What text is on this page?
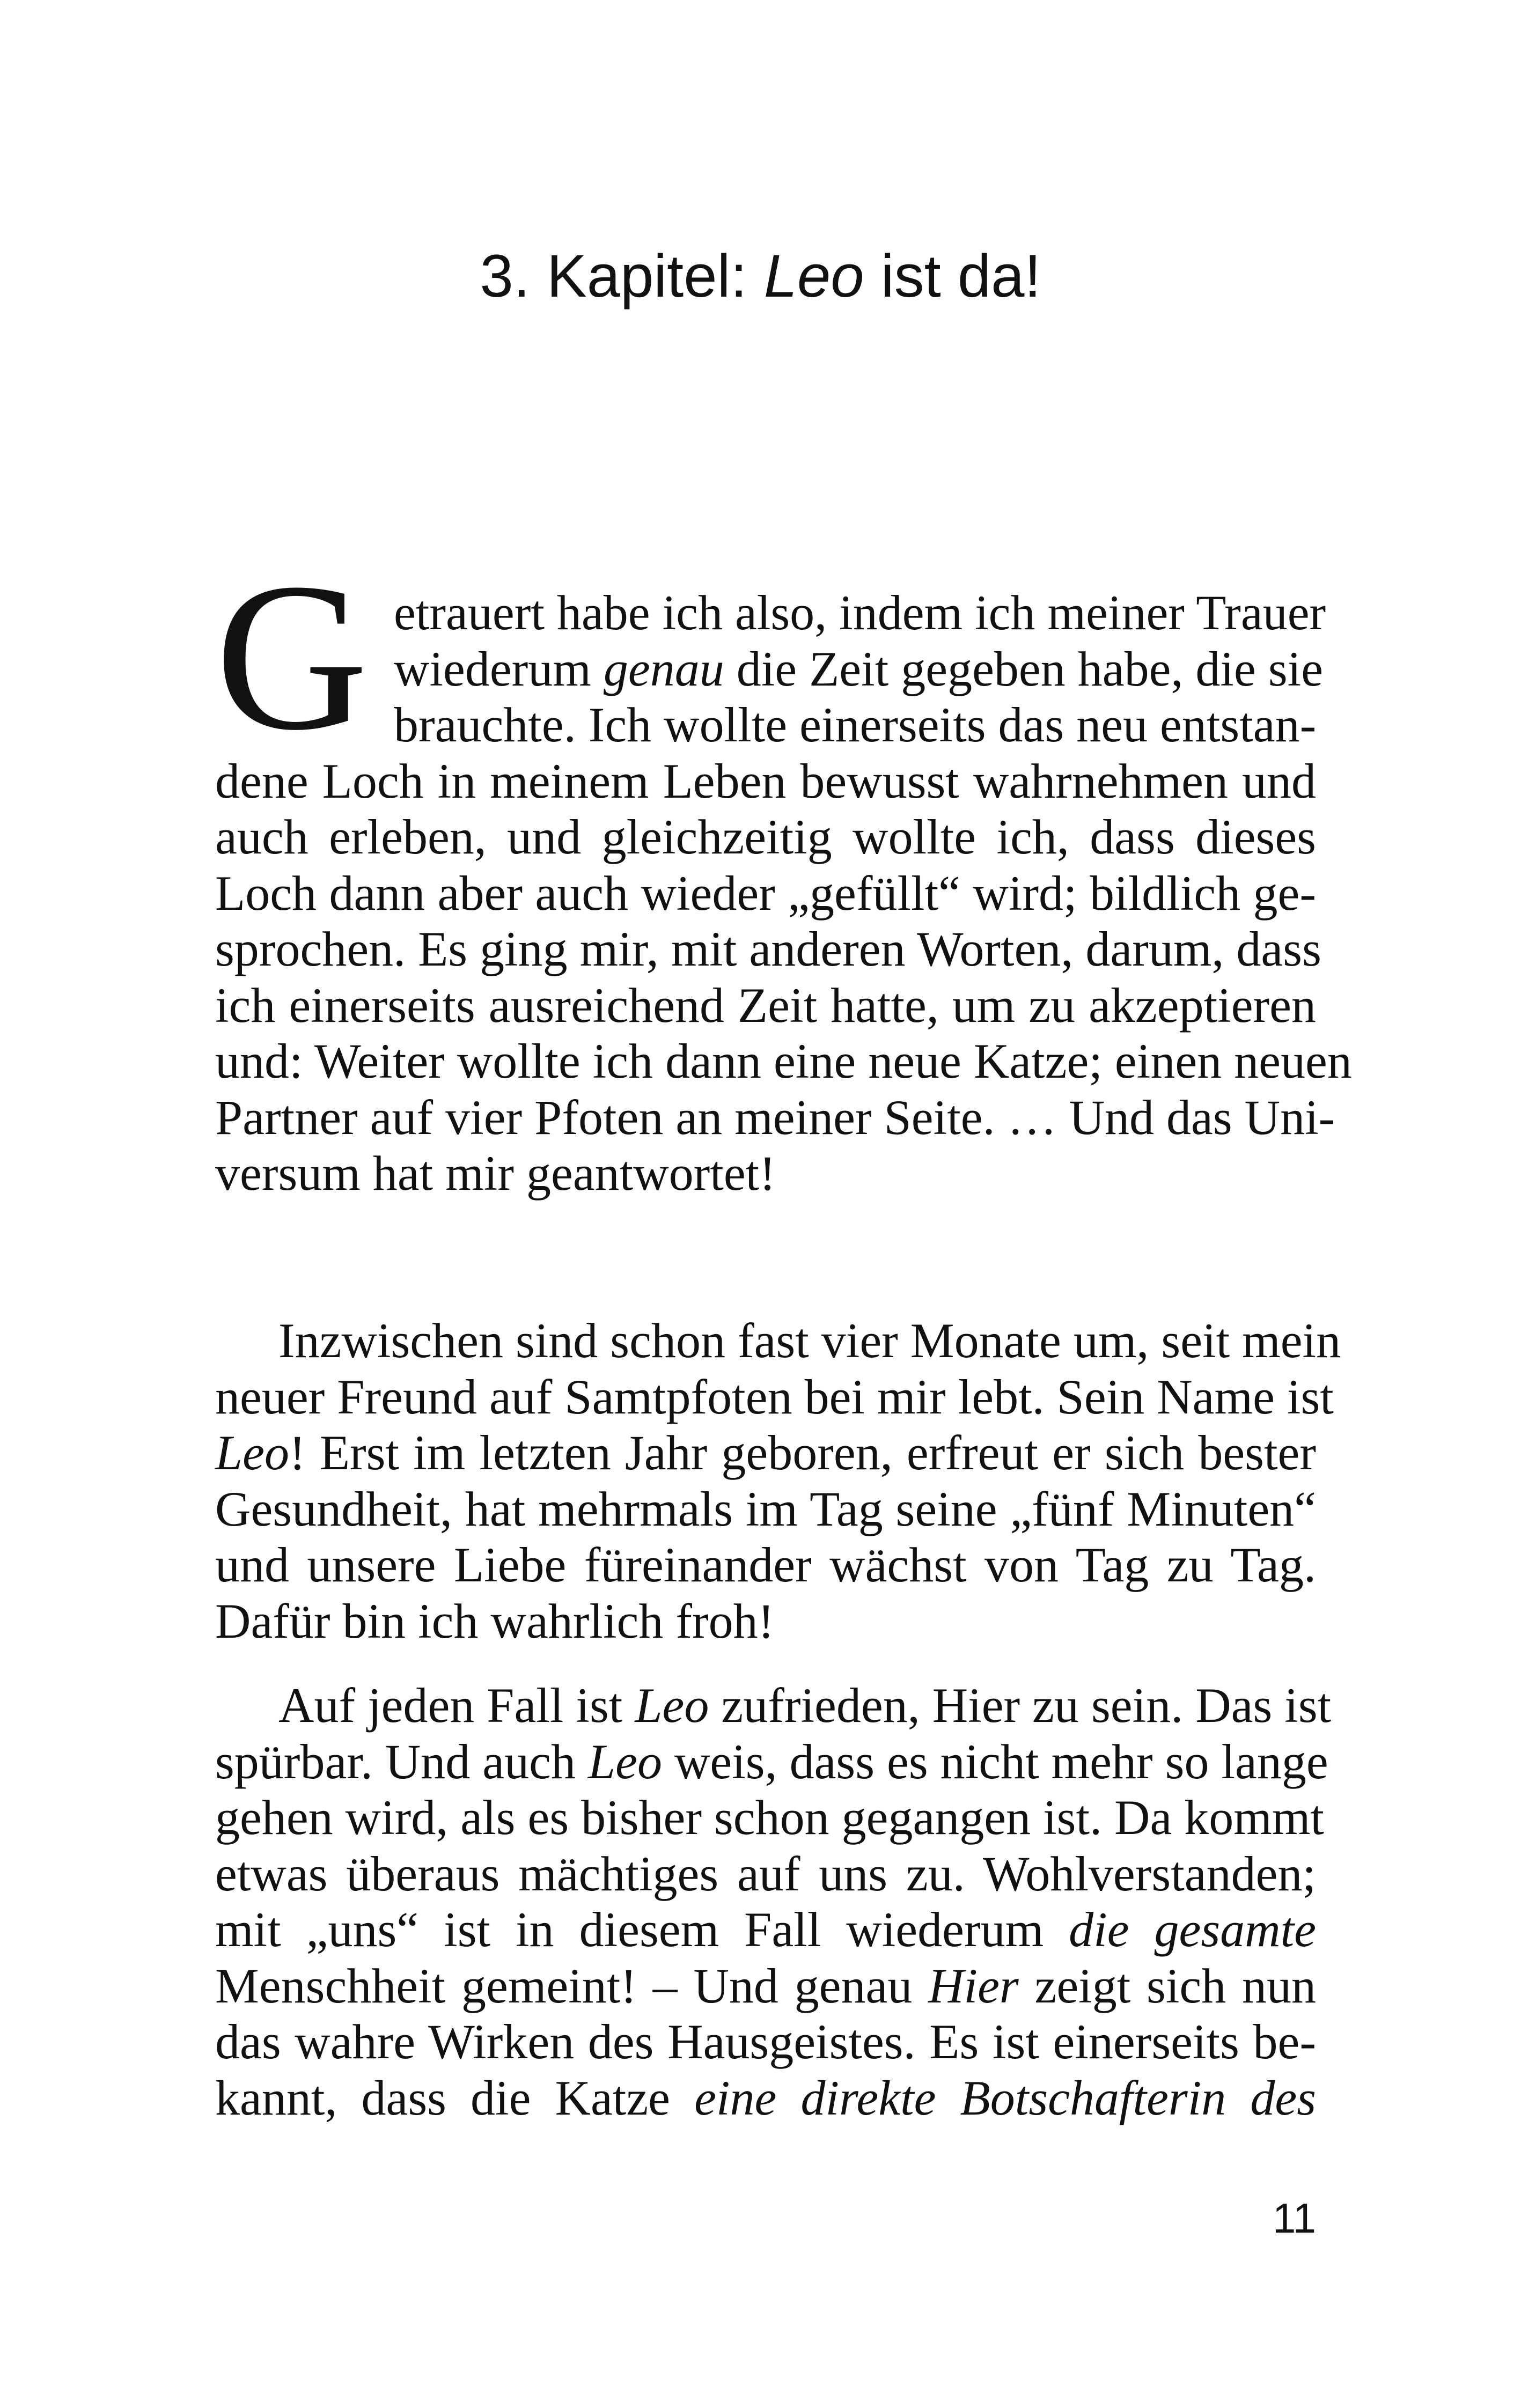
3. Kapitel: Leo ist da!
G etrauert habe ich also, indem ich meiner Trauer
wiederum genau die Zeit gegeben habe, die sie
brauchte. Ich wollte einerseits das neu entstan-
dene Loch in meinem Leben bewusst wahrnehmen und
auch erleben, und gleichzeitig wollte ich, dass dieses
Loch dann aber auch wieder „gefüllt“ wird; bildlich ge-
sprochen. Es ging mir, mit anderen Worten, darum, dass
ich einerseits ausreichend Zeit hatte, um zu akzeptieren
und: Weiter wollte ich dann eine neue Katze; einen neuen
Partner auf vier Pfoten an meiner Seite. … Und das Uni-
versum hat mir geantwortet!
Inzwischen sind schon fast vier Monate um, seit mein
neuer Freund auf Samtpfoten bei mir lebt. Sein Name ist
Leo! Erst im letzten Jahr geboren, erfreut er sich bester
Gesundheit, hat mehrmals im Tag seine „fünf Minuten“
und unsere Liebe füreinander wächst von Tag zu Tag.
Dafür bin ich wahrlich froh!
Auf jeden Fall ist Leo zufrieden, Hier zu sein. Das ist
spürbar. Und auch Leo weis, dass es nicht mehr so lange
gehen wird, als es bisher schon gegangen ist. Da kommt
etwas überaus mächtiges auf uns zu. Wohlverstanden;
mit „uns“ ist in diesem Fall wiederum die gesamte
Menschheit gemeint! – Und genau Hier zeigt sich nun
das wahre Wirken des Hausgeistes. Es ist einerseits be-
kannt, dass die Katze eine direkte Botschafterin des
11
